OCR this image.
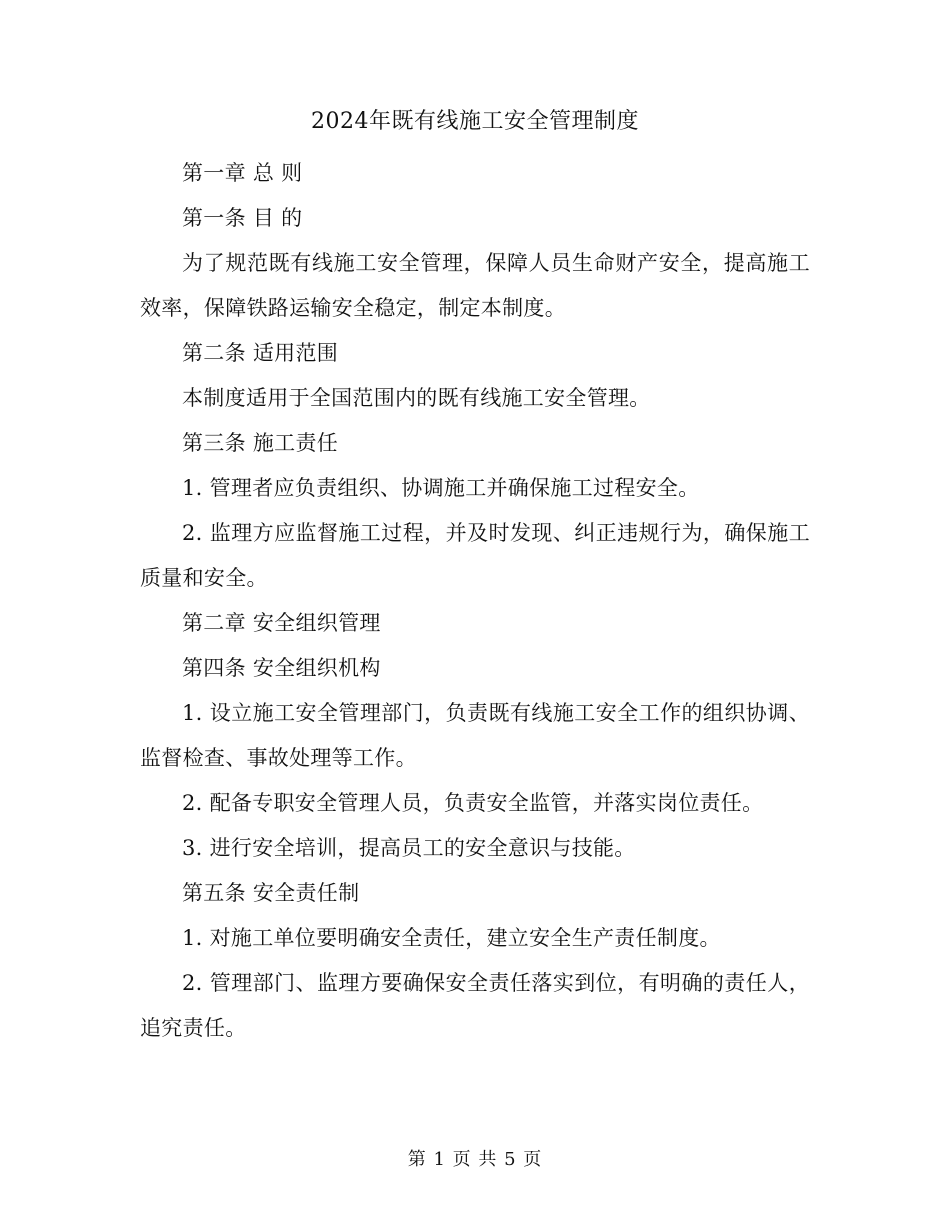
2024年既有线施工安全管理制度

第一章 总 则

第一条 目 的

为了规范既有线施工安全管理，保障人员生命财产安全，提高施工效率，保障铁路运输安全稳定，制定本制度。

第二条 适用范围

本制度适用于全国范围内的既有线施工安全管理。

第三条 施工责任

1. 管理者应负责组织、协调施工并确保施工过程安全。

2. 监理方应监督施工过程，并及时发现、纠正违规行为，确保施工质量和安全。

第二章 安全组织管理

第四条 安全组织机构

1. 设立施工安全管理部门，负责既有线施工安全工作的组织协调、监督检查、事故处理等工作。

2. 配备专职安全管理人员，负责安全监管，并落实岗位责任。

3. 进行安全培训，提高员工的安全意识与技能。

第五条 安全责任制

1. 对施工单位要明确安全责任，建立安全生产责任制度。

2. 管理部门、监理方要确保安全责任落实到位，有明确的责任人，追究责任。

第 1 页 共 5 页
